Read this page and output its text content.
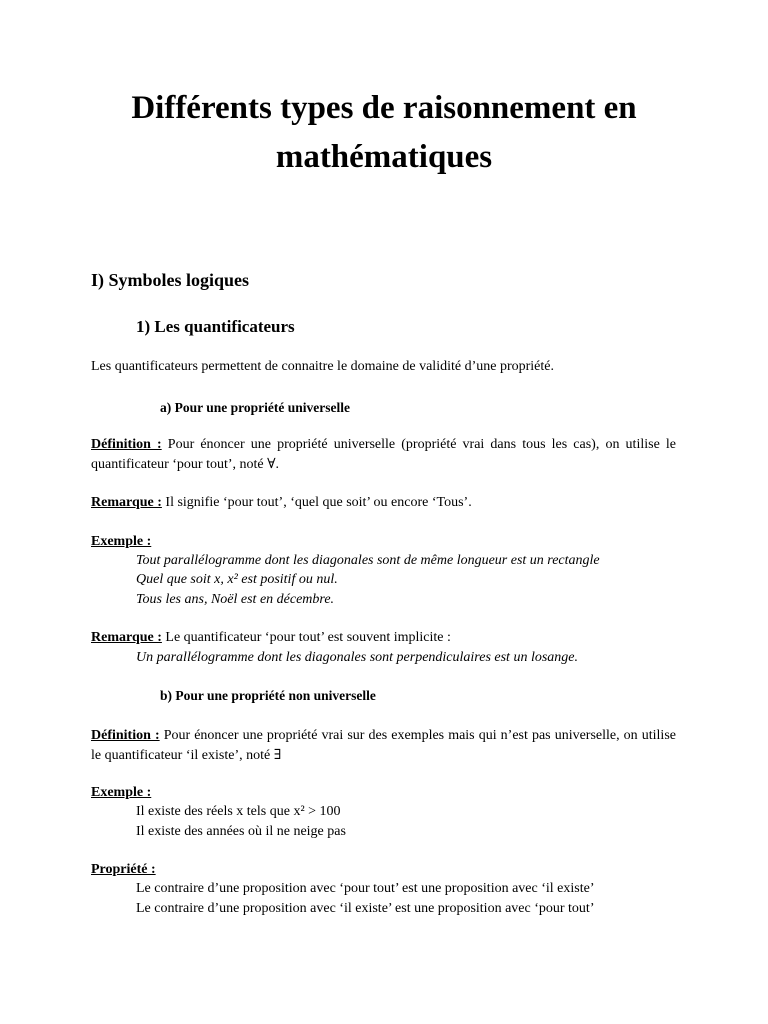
Différents types de raisonnement en mathématiques
I) Symboles logiques
1) Les quantificateurs
Les quantificateurs permettent de connaitre le domaine de validité d’une propriété.
a) Pour une propriété universelle
Définition : Pour énoncer une propriété universelle (propriété vrai dans tous les cas), on utilise le quantificateur ‘pour tout’, noté ∀.
Remarque : Il signifie ‘pour tout’, ‘quel que soit’ ou encore ‘Tous’.
Exemple :
Tout parallélogramme dont les diagonales sont de même longueur est un rectangle
Quel que soit x, x² est positif ou nul.
Tous les ans, Noël est en décembre.
Remarque : Le quantificateur ‘pour tout’ est souvent implicite :
Un parallélogramme dont les diagonales sont perpendiculaires est un losange.
b) Pour une propriété non universelle
Définition : Pour énoncer une propriété vrai sur des exemples mais qui n’est pas universelle, on utilise le quantificateur ‘il existe’, noté ∃
Exemple :
Il existe des réels x tels que x² > 100
Il existe des années où il ne neige pas
Propriété :
Le contraire d’une proposition avec ‘pour tout’ est une proposition avec ‘il existe’
Le contraire d’une proposition avec ‘il existe’ est une proposition avec ‘pour tout’
